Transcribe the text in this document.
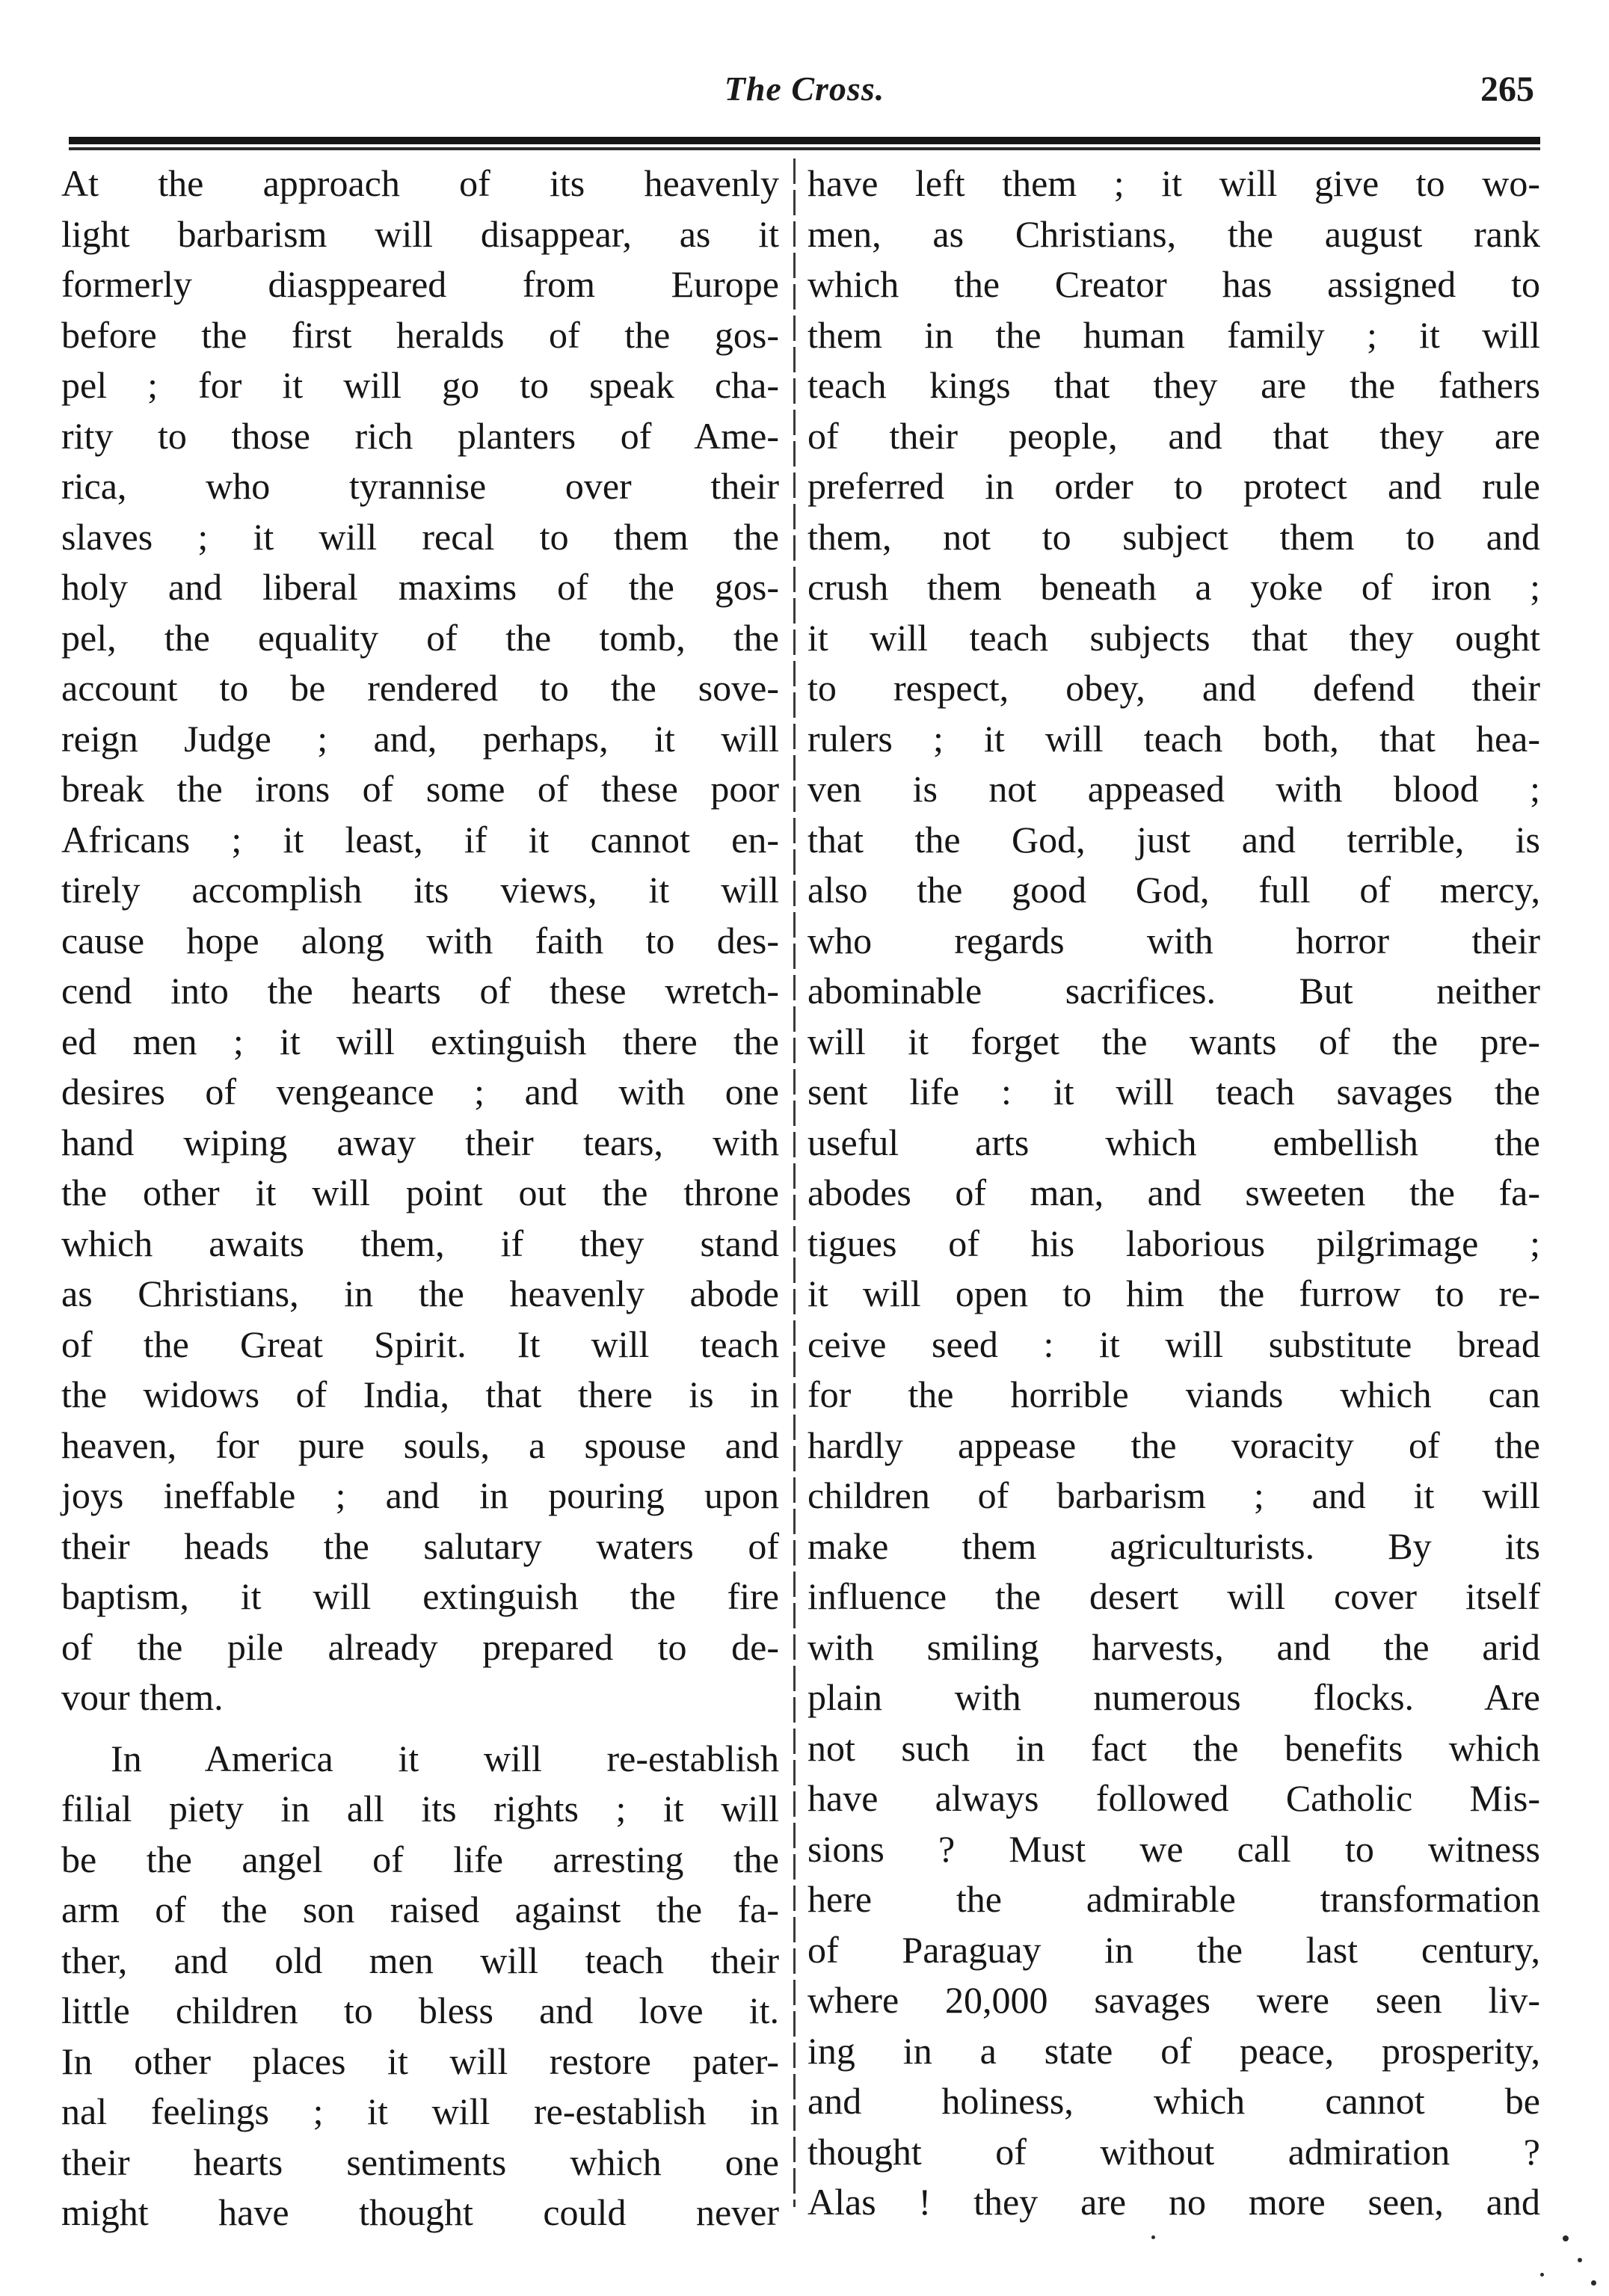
The Cross.	265
At the approach of its heavenly
light barbarism will disappear, as it
formerly diasppeared from Europe
before the first heralds of the gos-
pel ; for it will go to speak cha-
rity to those rich planters of Ame-
rica, who tyrannise over their
slaves ; it will recal to them the
holy and liberal maxims of the gos-
pel, the equality of the tomb, the
account to be rendered to the sove-
reign Judge ; and, perhaps, it will
break the irons of some of these poor
Africans ; it least, if it cannot en-
tirely accomplish its views, it will
cause hope along with faith to des-
cend into the hearts of these wretch-
ed men ; it will extinguish there the
desires of vengeance ; and with one
hand wiping away their tears, with
the other it will point out the throne
which awaits them, if they stand
as Christians, in the heavenly abode
of the Great Spirit. It will teach
the widows of India, that there is in
heaven, for pure souls, a spouse and
joys ineffable ; and in pouring upon
their heads the salutary waters of
baptism, it will extinguish the fire
of the pile already prepared to de-
vour them.
In America it will re-establish
filial piety in all its rights ; it will
be the angel of life arresting the
arm of the son raised against the fa-
ther, and old men will teach their
little children to bless and love it.
In other places it will restore pater-
nal feelings ; it will re-establish in
their hearts sentiments which one
might have thought could never
have left them ; it will give to wo-
men, as Christians, the august rank
which the Creator has assigned to
them in the human family ; it will
teach kings that they are the fathers
of their people, and that they are
preferred in order to protect and rule
them, not to subject them to and
crush them beneath a yoke of iron ;
it will teach subjects that they ought
to respect, obey, and defend their
rulers ; it will teach both, that hea-
ven is not appeased with blood ;
that the God, just and terrible, is
also the good God, full of mercy,
who regards with horror their
abominable sacrifices. But neither
will it forget the wants of the pre-
sent life : it will teach savages the
useful arts which embellish the
abodes of man, and sweeten the fa-
tigues of his laborious pilgrimage ;
it will open to him the furrow to re-
ceive seed : it will substitute bread
for the horrible viands which can
hardly appease the voracity of the
children of barbarism ; and it will
make them agriculturists. By its
influence the desert will cover itself
with smiling harvests, and the arid
plain with numerous flocks. Are
not such in fact the benefits which
have always followed Catholic Mis-
sions ? Must we call to witness
here the admirable transformation
of Paraguay in the last century,
where 20,000 savages were seen liv-
ing in a state of peace, prosperity,
and holiness, which cannot be
thought of without admiration ?
Alas ! they are no more seen, and
